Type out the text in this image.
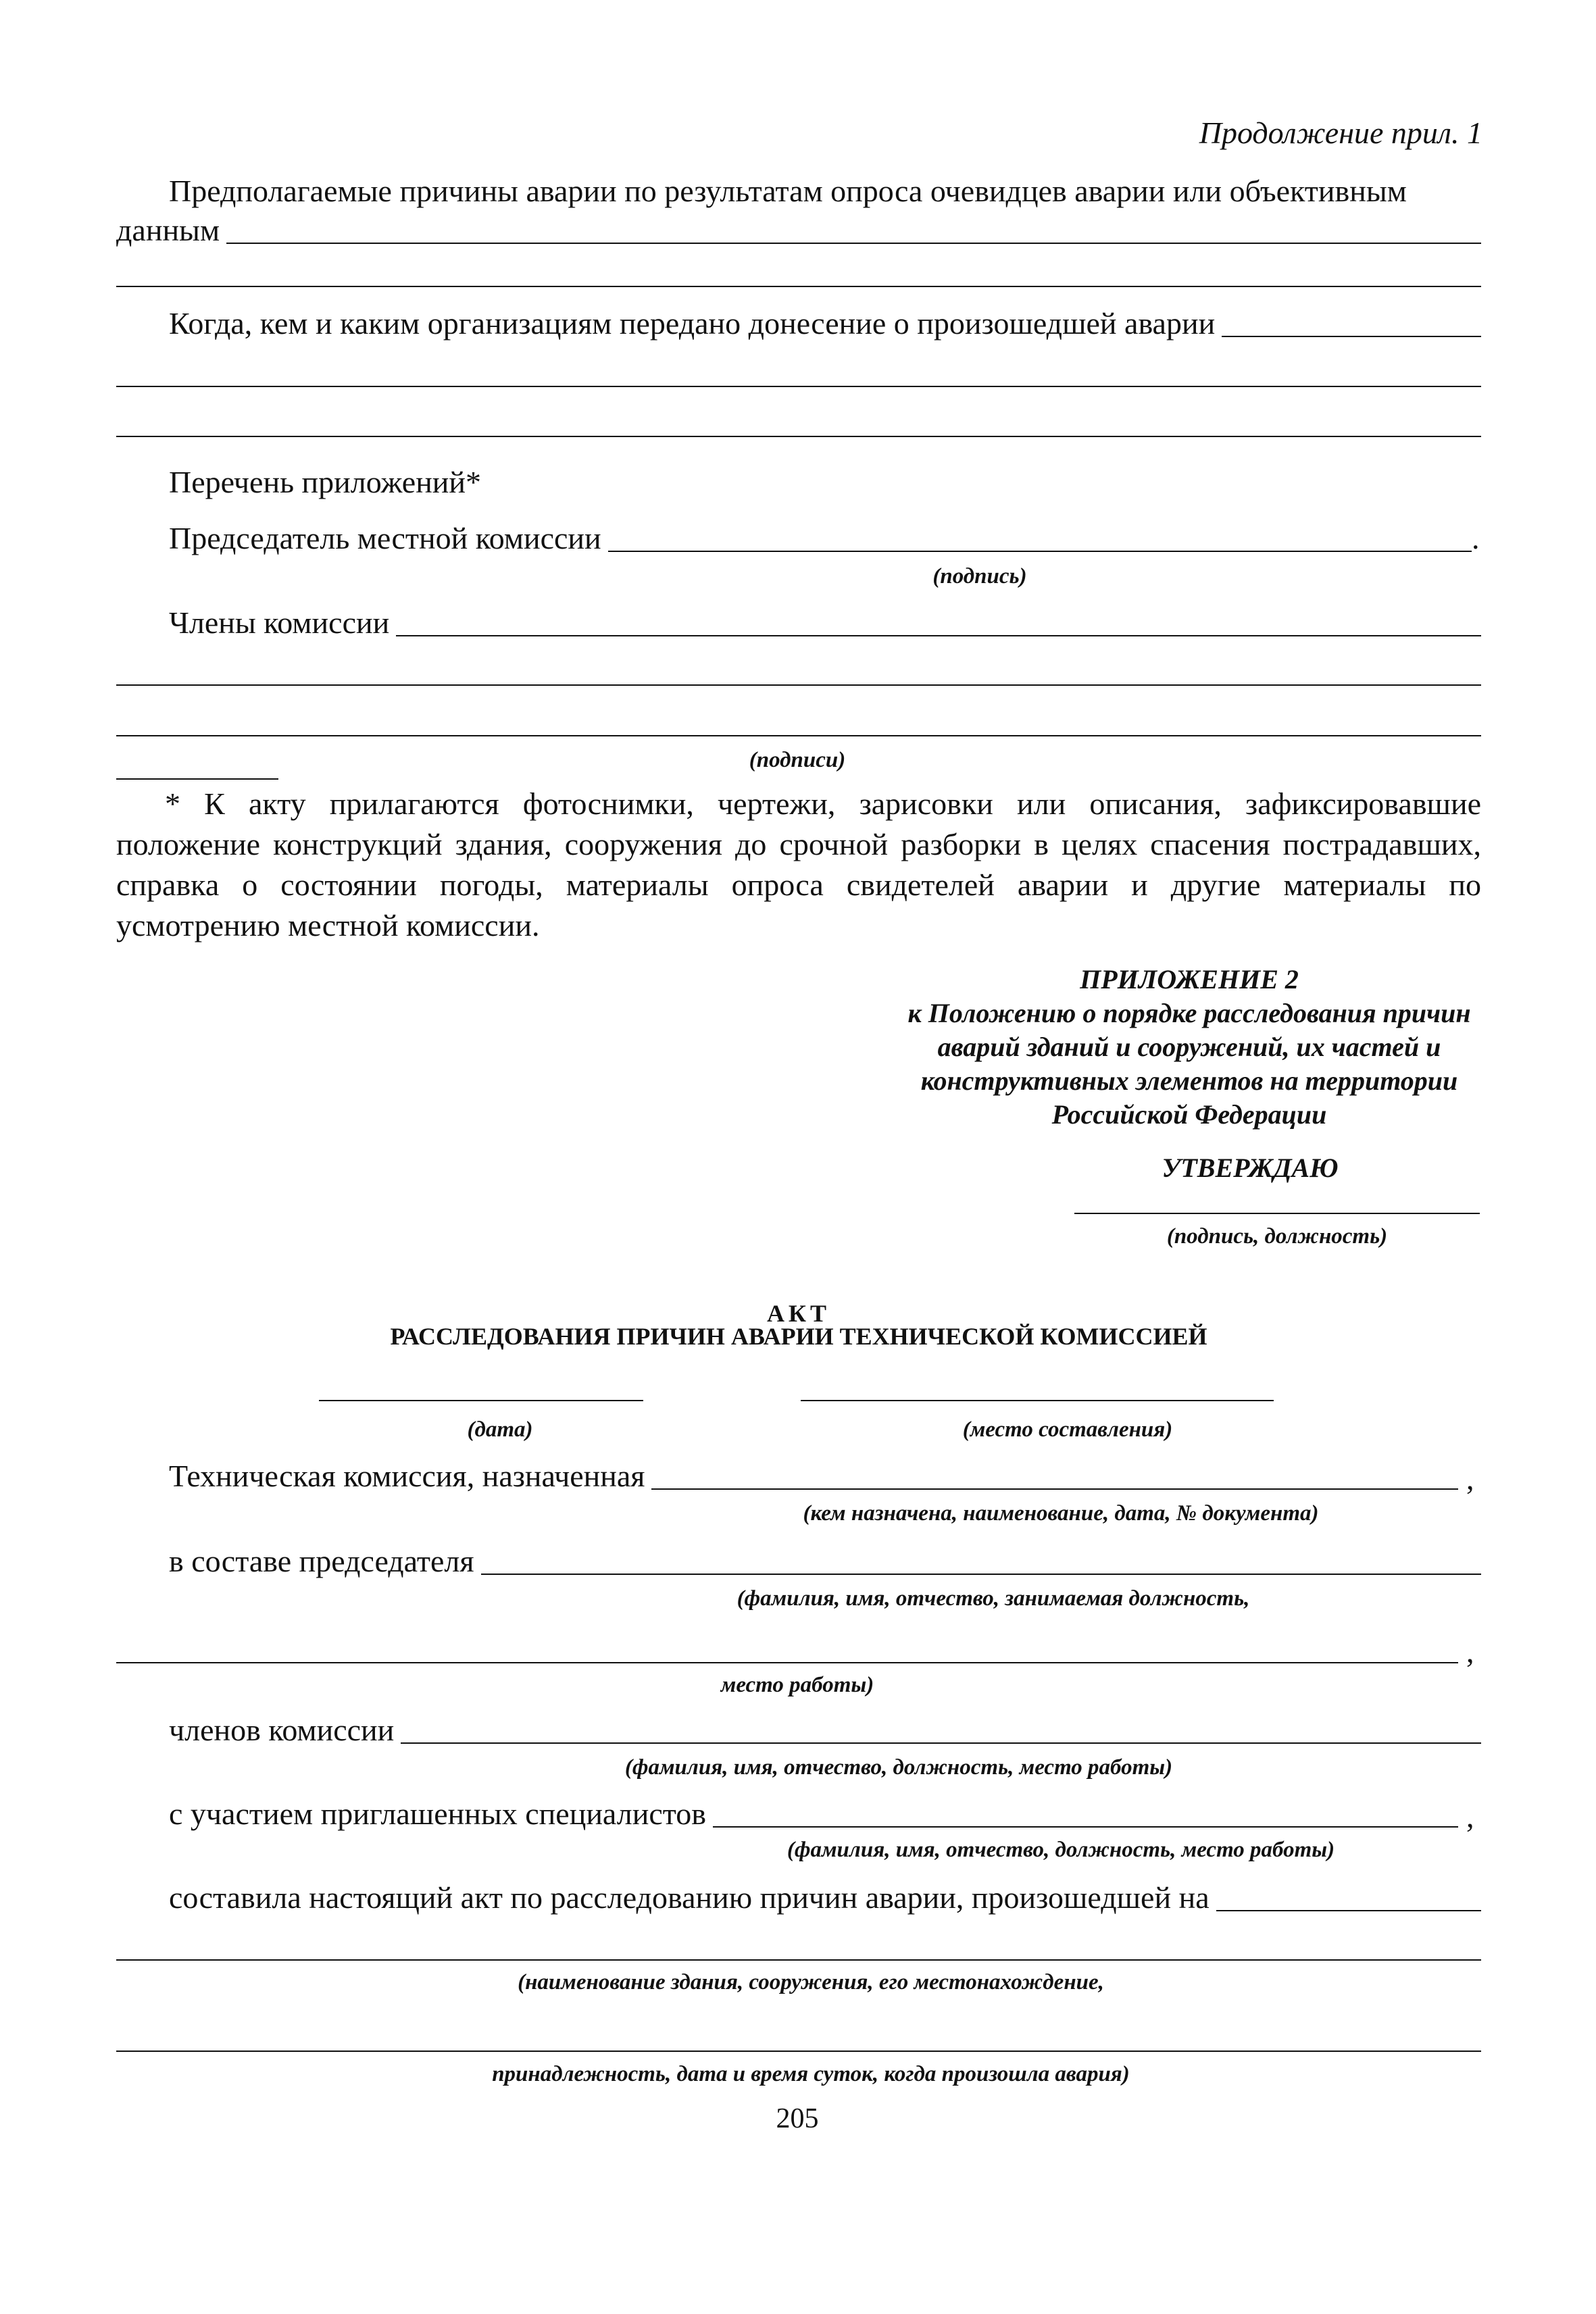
Продолжение прил. 1
Предполагаемые причины аварии по результатам опроса очевидцев аварии или объективным
данным
Когда, кем и каким организациям передано донесение о произошедшей аварии
Перечень приложений*
Председатель местной комиссии	.
(подпись)
Члены комиссии
(подписи)
* К акту прилагаются фотоснимки, чертежи, зарисовки или описания, зафиксировавшие положение конструкций здания, сооружения до срочной разборки в целях спасения пострадавших, справка о состоянии погоды, материалы опроса свидетелей аварии и другие материалы по усмотрению местной комиссии.
ПРИЛОЖЕНИЕ 2
к Положению о порядке расследования причин
аварий зданий и сооружений, их частей и
конструктивных элементов на территории
Российской Федерации
УТВЕРЖДАЮ
(подпись, должность)
АКТ
РАССЛЕДОВАНИЯ ПРИЧИН АВАРИИ ТЕХНИЧЕСКОЙ КОМИССИЕЙ
(дата)	(место составления)
Техническая комиссия, назначенная	,
(кем назначена, наименование, дата, № документа)
в составе председателя
(фамилия, имя, отчество, занимаемая должность,
,
место работы)
членов комиссии
(фамилия, имя, отчество, должность, место работы)
с участием приглашенных специалистов	,
(фамилия, имя, отчество, должность, место работы)
составила настоящий акт по расследованию причин аварии, произошедшей на
(наименование здания, сооружения, его местонахождение,
принадлежность, дата и время суток, когда произошла авария)
205
